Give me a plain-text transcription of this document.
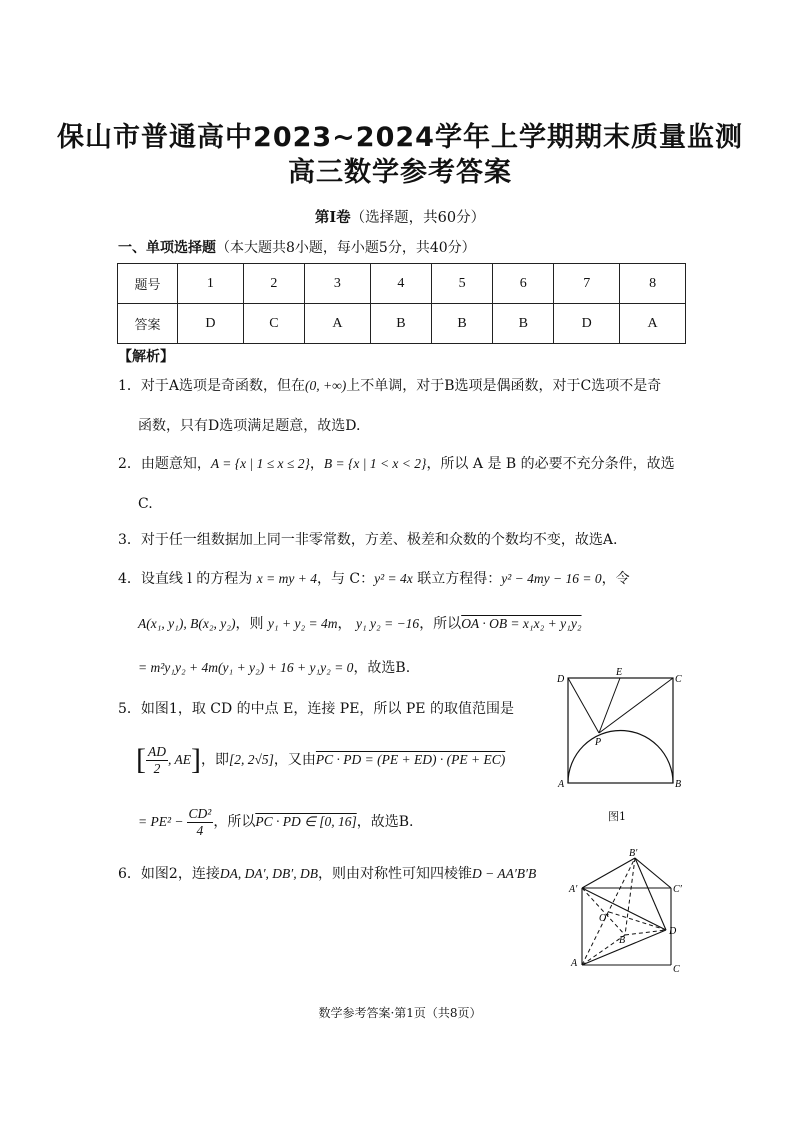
保山市普通高中2023~2024学年上学期期末质量监测
高三数学参考答案
第Ⅰ卷（选择题，共60分）
一、单项选择题（本大题共8小题，每小题5分，共40分）
题号	1	2	3	4	5	6	7	8
答案	D	C	A	B	B	B	D	A
【解析】
1．对于A选项是奇函数，但在(0, +∞)上不单调，对于B选项是偶函数，对于C选项不是奇
函数，只有D选项满足题意，故选D.
2．由题意知，A = {x | 1 ≤ x ≤ 2}，B = {x | 1 < x < 2}，所以 A 是 B 的必要不充分条件，故选
C.
3．对于任一组数据加上同一非零常数，方差、极差和众数的个数均不变，故选A.
4．设直线 l 的方程为 x = my + 4，与 C：y² = 4x 联立方程得：y² − 4my − 16 = 0，令
A(x₁, y₁), B(x₂, y₂)，则 y₁ + y₂ = 4m， y₁ y₂ = −16，所以OA · OB = x₁x₂ + y₁y₂
= m²y₁y₂ + 4m(y₁ + y₂) + 16 + y₁y₂ = 0，故选B.
5．如图1，取 CD 的中点 E，连接 PE，所以 PE 的取值范围是
[ $\frac{AD}{2}$ , AE]，即[2, 2√5]，又由PC · PD = (PE + ED) · (PE + EC)
= $PE^2 - \frac{\text{CD²}}{4}$ ，所以PC · PD ∈ [0, 16]，故选B.
6．如图2，连接DA, DA′, DB′, DB，则由对称性可知四棱锥D − AA′B′B
D
E
C
P
A	B
图1
B′
A′	C′
O′
D
B
A
C
数学参考答案·第1页（共8页）
